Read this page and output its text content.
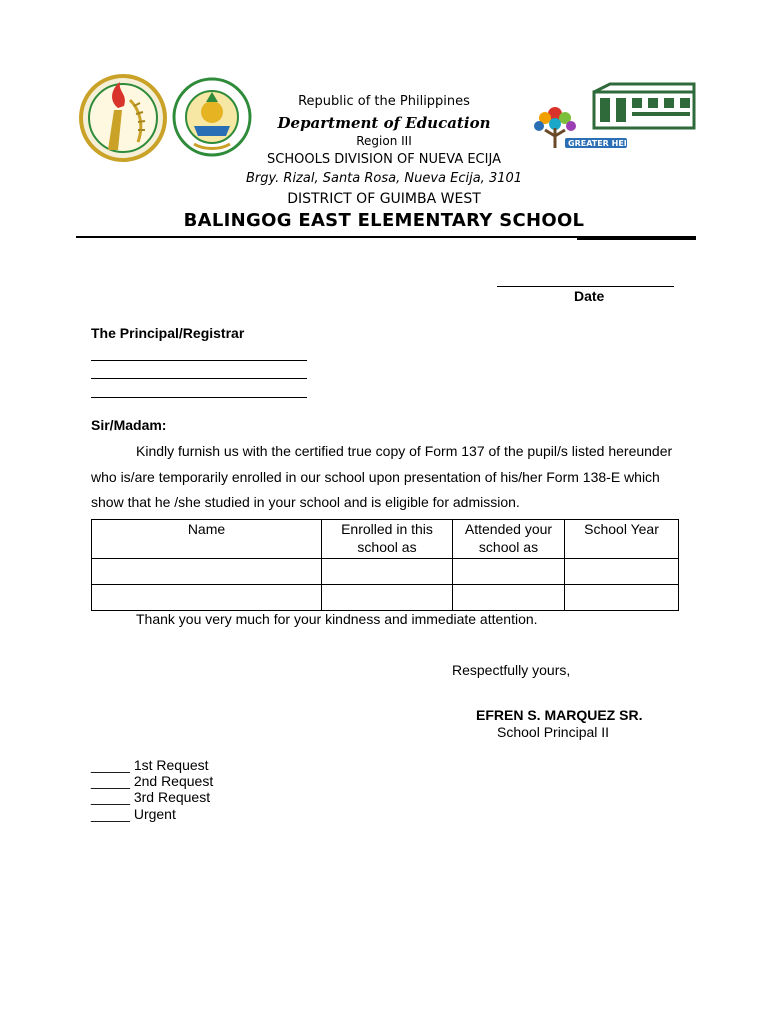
GREATER HEIGHTS
Republic of the Philippines
Department of Education
Region III
SCHOOLS DIVISION OF NUEVA ECIJA
Brgy. Rizal, Santa Rosa, Nueva Ecija, 3101
DISTRICT OF GUIMBA WEST
BALINGOG EAST ELEMENTARY SCHOOL
Date
The Principal/Registrar
Sir/Madam:
Kindly furnish us with the certified true copy of Form 137 of the pupil/s listed hereunder
who is/are temporarily enrolled in our school upon presentation of his/her Form 138-E which
show that he /she studied in your school and is eligible for admission.
Name	Enrolled in this school as	Attended your school as	School Year

Thank you very much for your kindness and immediate attention.
Respectfully yours,
EFREN S. MARQUEZ SR.
School Principal II
_____ 1st Request
_____ 2nd Request
_____ 3rd Request
_____ Urgent
